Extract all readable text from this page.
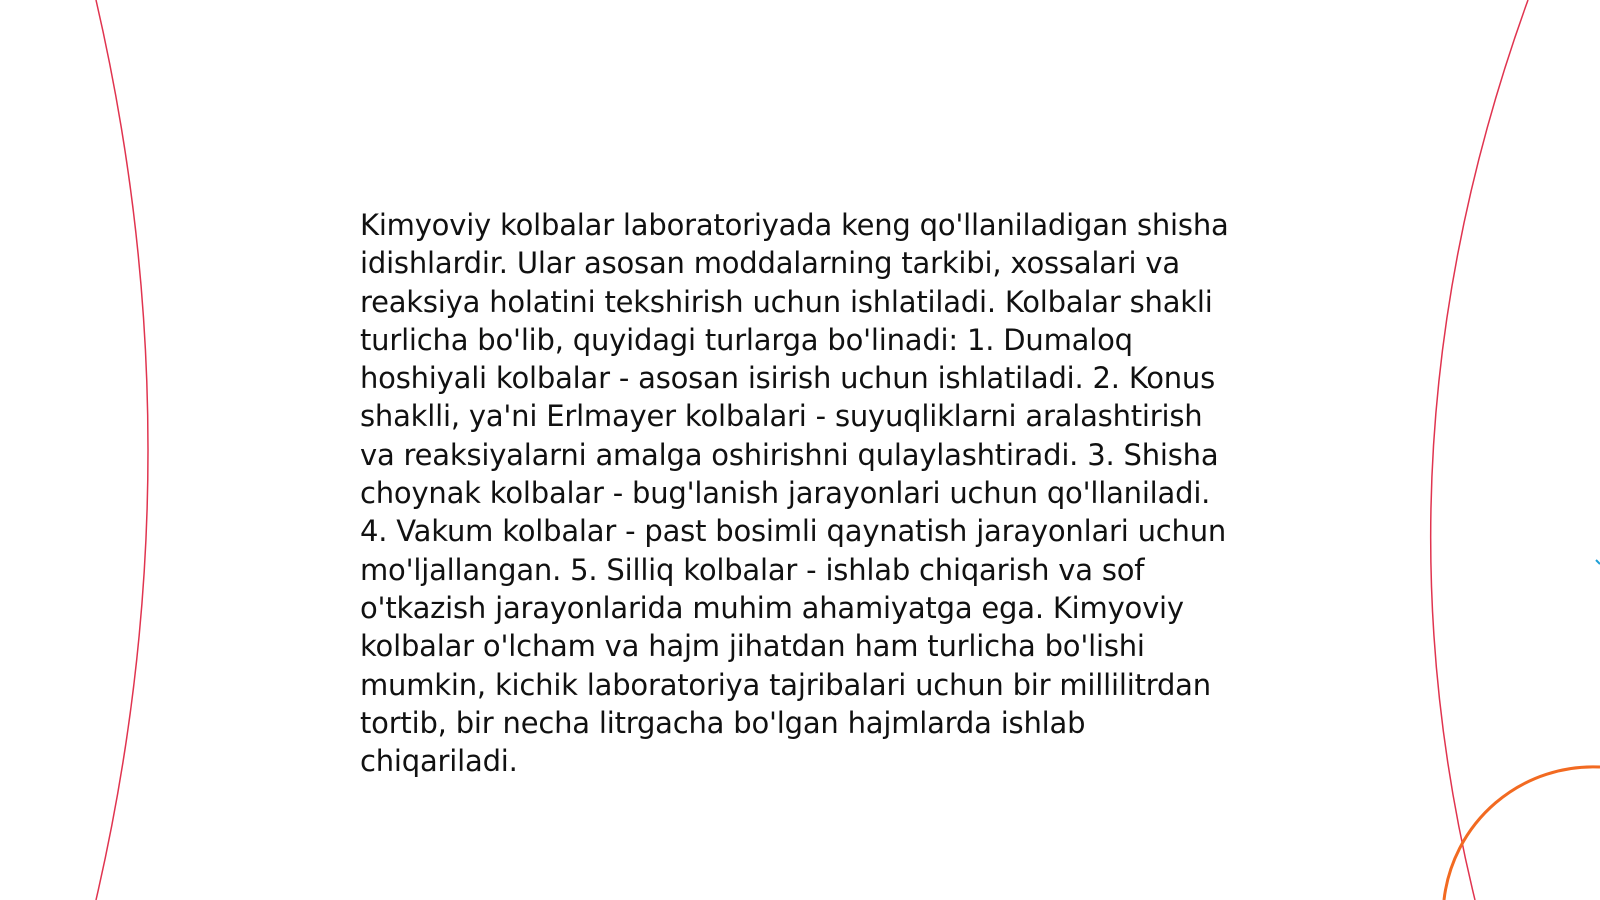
Kimyoviy kolbalar laboratoriyada keng qo'llaniladigan shisha idishlardir. Ular asosan moddalarning tarkibi, xossalari va reaksiya holatini tekshirish uchun ishlatiladi. Kolbalar shakli turlicha bo'lib, quyidagi turlarga bo'linadi: 1. Dumaloq hoshiyali kolbalar - asosan isirish uchun ishlatiladi. 2. Konus shaklli, ya'ni Erlmayer kolbalari - suyuqliklarni aralashtirish va reaksiyalarni amalga oshirishni qulaylashtiradi. 3. Shisha choynak kolbalar - bug'lanish jarayonlari uchun qo'llaniladi. 4. Vakum kolbalar - past bosimli qaynatish jarayonlari uchun mo'ljallangan. 5. Silliq kolbalar - ishlab chiqarish va sof o'tkazish jarayonlarida muhim ahamiyatga ega. Kimyoviy kolbalar o'lcham va hajm jihatdan ham turlicha bo'lishi mumkin, kichik laboratoriya tajribalari uchun bir millilitrdan tortib, bir necha litrgacha bo'lgan hajmlarda ishlab chiqariladi.
